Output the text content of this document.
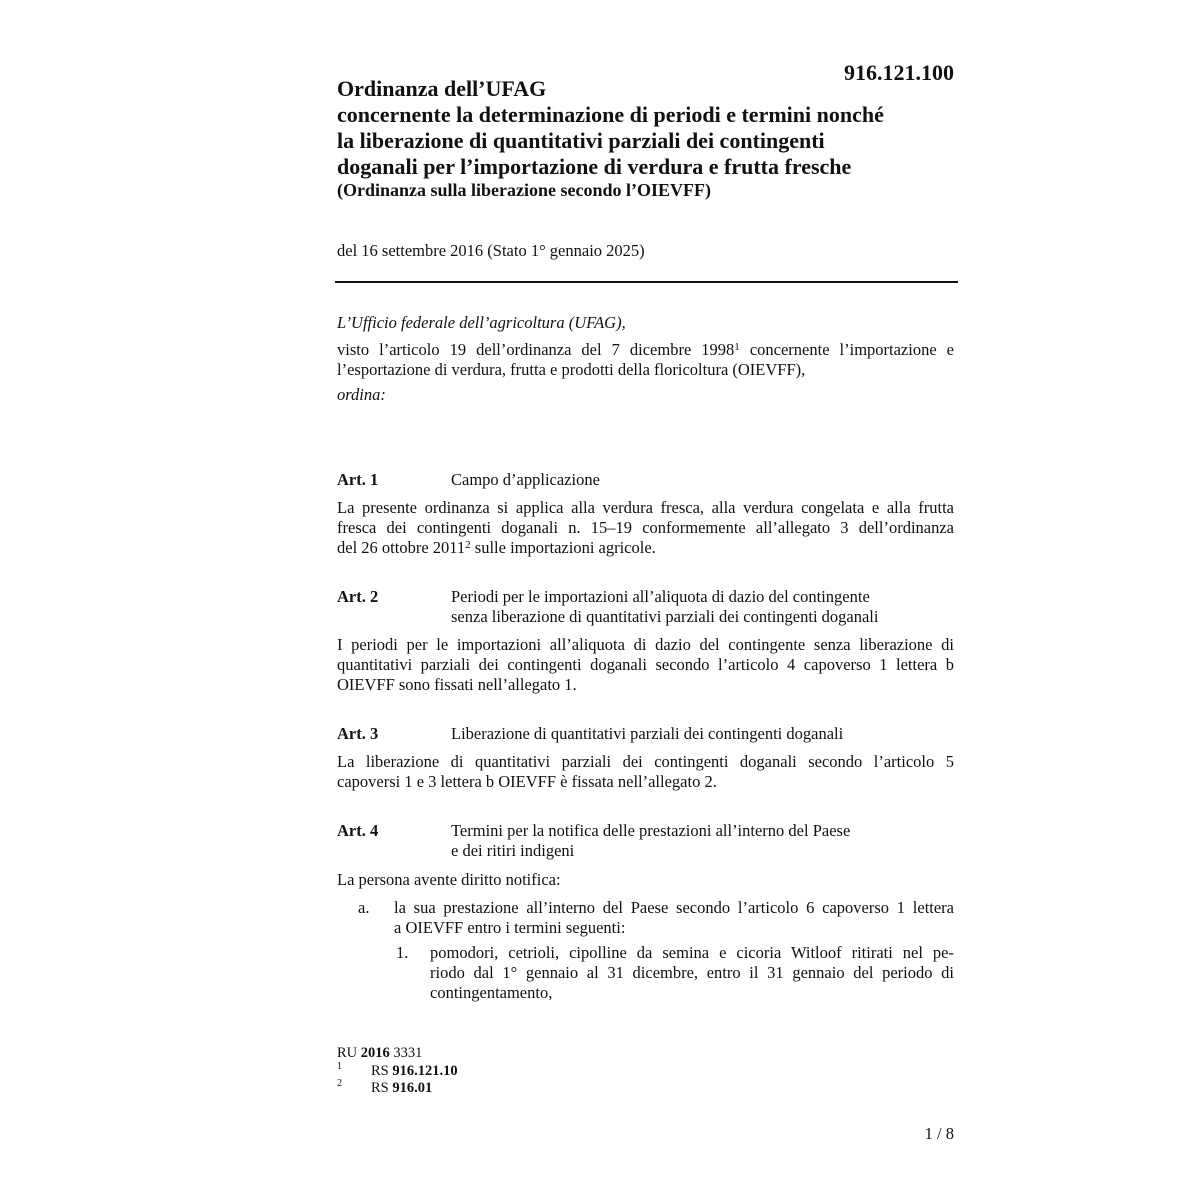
916.121.100
Ordinanza dell’UFAG
concernente la determinazione di periodi e termini nonché
la liberazione di quantitativi parziali dei contingenti
doganali per l’importazione di verdura e frutta fresche
(Ordinanza sulla liberazione secondo l’OIEVFF)
del 16 settembre 2016 (Stato 1° gennaio 2025)
L’Ufficio federale dell’agricoltura (UFAG),
visto l’articolo 19 dell’ordinanza del 7 dicembre 1998$^1$ concernente l’importazione e
l’esportazione di verdura, frutta e prodotti della floricoltura (OIEVFF),
ordina:
Art. 1	Campo d’applicazione
La presente ordinanza si applica alla verdura fresca, alla verdura congelata e alla frutta
fresca dei contingenti doganali n. 15–19 conformemente all’allegato 3 dell’ordinanza
del 26 ottobre 2011$^2$ sulle importazioni agricole.
Art. 2	Periodi per le importazioni all’aliquota di dazio del contingente
senza liberazione di quantitativi parziali dei contingenti doganali
I periodi per le importazioni all’aliquota di dazio del contingente senza liberazione di
quantitativi parziali dei contingenti doganali secondo l’articolo 4 capoverso 1 lettera b
OIEVFF sono fissati nell’allegato 1.
Art. 3	Liberazione di quantitativi parziali dei contingenti doganali
La liberazione di quantitativi parziali dei contingenti doganali secondo l’articolo 5
capoversi 1 e 3 lettera b OIEVFF è fissata nell’allegato 2.
Art. 4	Termini per la notifica delle prestazioni all’interno del Paese
e dei ritiri indigeni
La persona avente diritto notifica:
a. la sua prestazione all’interno del Paese secondo l’articolo 6 capoverso 1 lettera
a OIEVFF entro i termini seguenti:
1. pomodori, cetrioli, cipolline da semina e cicoria Witloof ritirati nel pe-
riodo dal 1° gennaio al 31 dicembre, entro il 31 gennaio del periodo di
contingentamento,
RU 2016 3331
$^1$ RS 916.121.10
$^2$ RS 916.01
1 / 8
